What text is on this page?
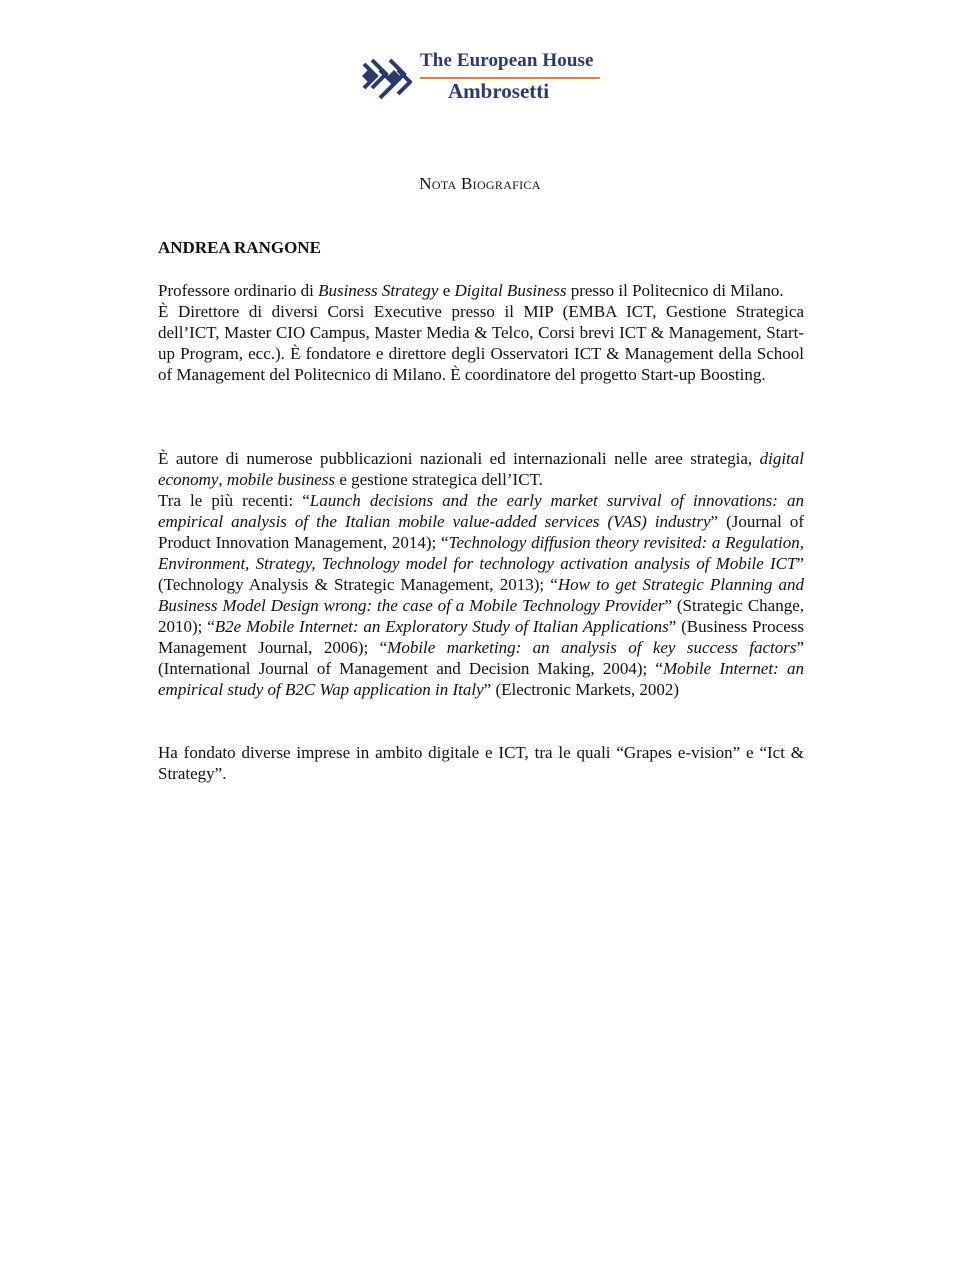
The European House
Ambrosetti
Nota Biografica
ANDREA RANGONE

Professore ordinario di Business Strategy e Digital Business presso il Politecnico di Milano.

È Direttore di diversi Corsi Executive presso il MIP (EMBA ICT, Gestione Strategica dell’ICT, Master CIO Campus, Master Media & Telco, Corsi brevi ICT & Management, Start-up Program, ecc.). È fondatore e direttore degli Osservatori ICT & Management della School of Management del Politecnico di Milano. È coordinatore del progetto Start-up Boosting.

È autore di numerose pubblicazioni nazionali ed internazionali nelle aree strategia, digital economy, mobile business e gestione strategica dell’ICT.

Tra le più recenti: “Launch decisions and the early market survival of innovations: an empirical analysis of the Italian mobile value-added services (VAS) industry” (Journal of Product Innovation Management, 2014); “Technology diffusion theory revisited: a Regulation, Environment, Strategy, Technology model for technology activation analysis of Mobile ICT” (Technology Analysis & Strategic Management, 2013); “How to get Strategic Planning and Business Model Design wrong: the case of a Mobile Technology Provider” (Strategic Change, 2010); “B2e Mobile Internet: an Exploratory Study of Italian Applications” (Business Process Management Journal, 2006); “Mobile marketing: an analysis of key success factors” (International Journal of Management and Decision Making, 2004); “Mobile Internet: an empirical study of B2C Wap application in Italy” (Electronic Markets, 2002)

Ha fondato diverse imprese in ambito digitale e ICT, tra le quali “Grapes e-vision” e “Ict & Strategy”.
